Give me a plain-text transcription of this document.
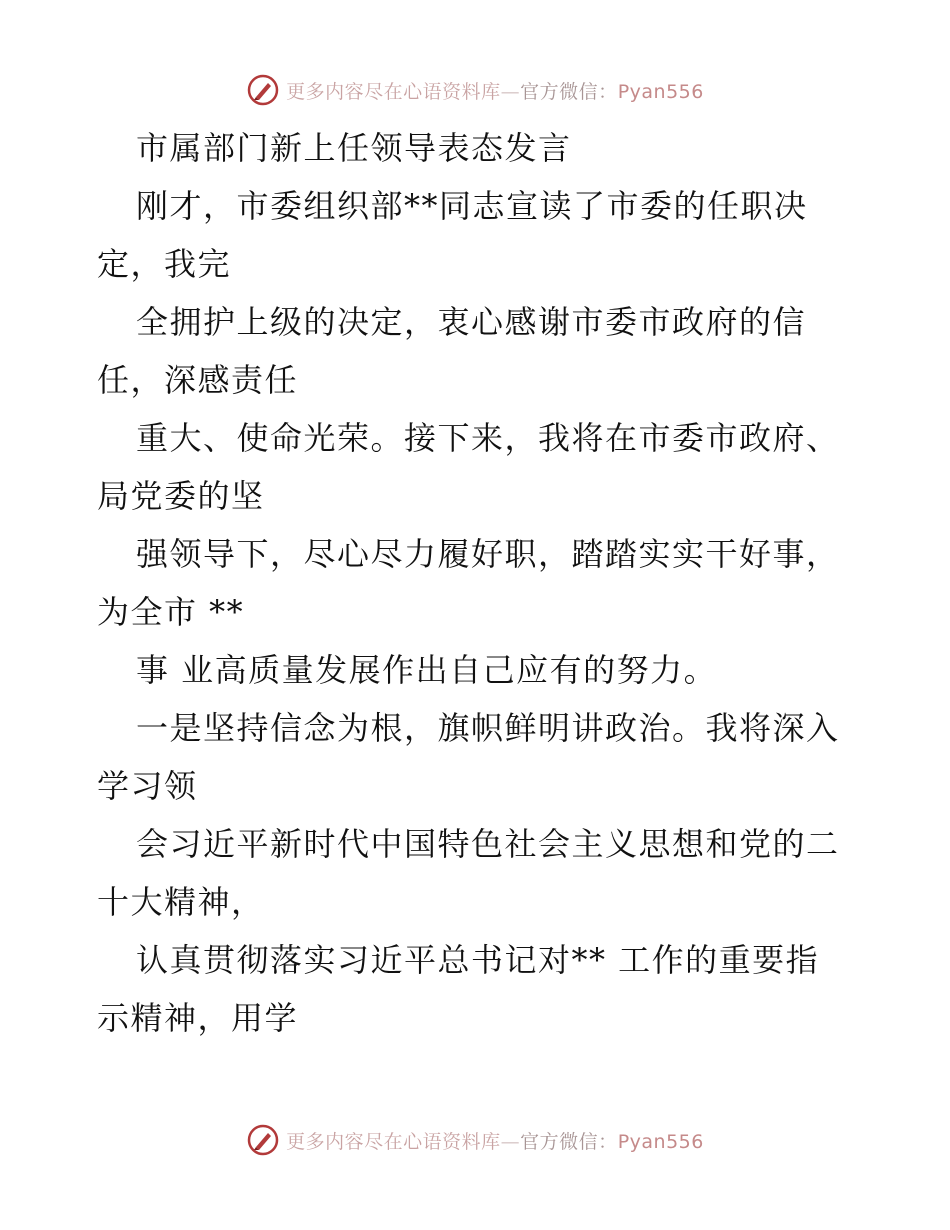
更多内容尽在心语资料库—官方微信：Pyan556
市属部门新上任领导表态发言
刚才，市委组织部**同志宣读了市委的任职决
定，我完
全拥护上级的决定，衷心感谢市委市政府的信
任，深感责任
重大、使命光荣。接下来，我将在市委市政府、
局党委的坚
强领导下，尽心尽力履好职，踏踏实实干好事，
为全市 **
事 业高质量发展作出自己应有的努力。
一是坚持信念为根，旗帜鲜明讲政治。我将深入
学习领
会习近平新时代中国特色社会主义思想和党的二
十大精神，
认真贯彻落实习近平总书记对** 工作的重要指
示精神，用学
更多内容尽在心语资料库—官方微信：Pyan556
